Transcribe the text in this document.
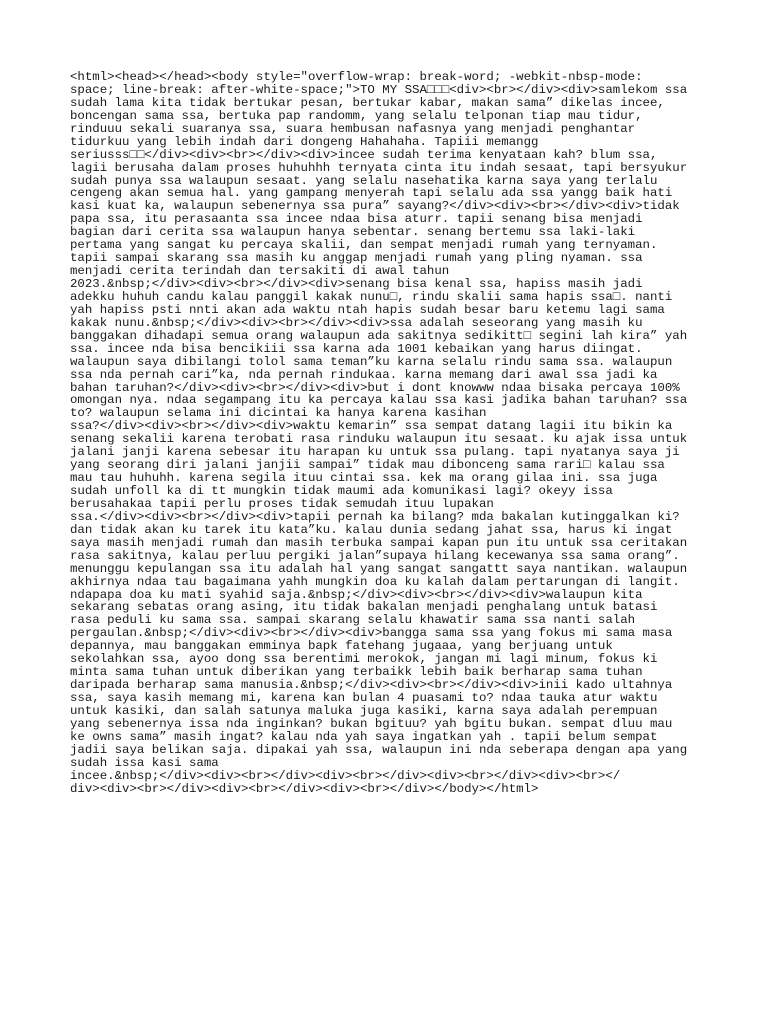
<html><head></head><body style="overflow-wrap: break-word; -webkit-nbsp-mode:
space; line-break: after-white-space;">TO MY SSA□□□<div><br></div><div>samlekom ssa
sudah lama kita tidak bertukar pesan, bertukar kabar, makan sama” dikelas incee,
boncengan sama ssa, bertuka pap randomm, yang selalu telponan tiap mau tidur,
rinduuu sekali suaranya ssa, suara hembusan nafasnya yang menjadi penghantar
tidurkuu yang lebih indah dari dongeng Hahahaha. Tapiii memangg
seriusss□□</div><div><br></div><div>incee sudah terima kenyataan kah? blum ssa,
lagii berusaha dalam proses huhuhhh ternyata cinta itu indah sesaat, tapi bersyukur
sudah punya ssa walaupun sesaat. yang selalu nasehatika karna saya yang terlalu
cengeng akan semua hal. yang gampang menyerah tapi selalu ada ssa yangg baik hati
kasi kuat ka, walaupun sebenernya ssa pura” sayang?</div><div><br></div><div>tidak
papa ssa, itu perasaanta ssa incee ndaa bisa aturr. tapii senang bisa menjadi
bagian dari cerita ssa walaupun hanya sebentar. senang bertemu ssa laki-laki
pertama yang sangat ku percaya skalii, dan sempat menjadi rumah yang ternyaman.
tapii sampai skarang ssa masih ku anggap menjadi rumah yang pling nyaman. ssa
menjadi cerita terindah dan tersakiti di awal tahun
2023.&nbsp;</div><div><br></div><div>senang bisa kenal ssa, hapiss masih jadi
adekku huhuh candu kalau panggil kakak nunu□, rindu skalii sama hapis ssa□. nanti
yah hapiss psti nnti akan ada waktu ntah hapis sudah besar baru ketemu lagi sama
kakak nunu.&nbsp;</div><div><br></div><div>ssa adalah seseorang yang masih ku
banggakan dihadapi semua orang walaupun ada sakitnya sedikitt□ segini lah kira” yah
ssa. incee nda bisa bencikiii ssa karna ada 1001 kebaikan yang harus diingat.
walaupun saya dibilangi tolol sama teman”ku karna selalu rindu sama ssa. walaupun
ssa nda pernah cari”ka, nda pernah rindukaa. karna memang dari awal ssa jadi ka
bahan taruhan?</div><div><br></div><div>but i dont knowww ndaa bisaka percaya 100%
omongan nya. ndaa segampang itu ka percaya kalau ssa kasi jadika bahan taruhan? ssa
to? walaupun selama ini dicintai ka hanya karena kasihan
ssa?</div><div><br></div><div>waktu kemarin” ssa sempat datang lagii itu bikin ka
senang sekalii karena terobati rasa rinduku walaupun itu sesaat. ku ajak issa untuk
jalani janji karena sebesar itu harapan ku untuk ssa pulang. tapi nyatanya saya ji
yang seorang diri jalani janjii sampai” tidak mau dibonceng sama rari□ kalau ssa
mau tau huhuhh. karena segila ituu cintai ssa. kek ma orang gilaa ini. ssa juga
sudah unfoll ka di tt mungkin tidak maumi ada komunikasi lagi? okeyy issa
berusahakaa tapii perlu proses tidak semudah ituu lupakan
ssa.</div><div><br></div><div>tapii pernah ka bilang? mda bakalan kutinggalkan ki?
dan tidak akan ku tarek itu kata”ku. kalau dunia sedang jahat ssa, harus ki ingat
saya masih menjadi rumah dan masih terbuka sampai kapan pun itu untuk ssa ceritakan
rasa sakitnya, kalau perluu pergiki jalan”supaya hilang kecewanya ssa sama orang”.
menunggu kepulangan ssa itu adalah hal yang sangat sangattt saya nantikan. walaupun
akhirnya ndaa tau bagaimana yahh mungkin doa ku kalah dalam pertarungan di langit.
ndapapa doa ku mati syahid saja.&nbsp;</div><div><br></div><div>walaupun kita
sekarang sebatas orang asing, itu tidak bakalan menjadi penghalang untuk batasi
rasa peduli ku sama ssa. sampai skarang selalu khawatir sama ssa nanti salah
pergaulan.&nbsp;</div><div><br></div><div>bangga sama ssa yang fokus mi sama masa
depannya, mau banggakan emminya bapk fatehang jugaaa, yang berjuang untuk
sekolahkan ssa, ayoo dong ssa berentimi merokok, jangan mi lagi minum, fokus ki
minta sama tuhan untuk diberikan yang terbaikk lebih baik berharap sama tuhan
daripada berharap sama manusia.&nbsp;</div><div><br></div><div>inii kado ultahnya
ssa, saya kasih memang mi, karena kan bulan 4 puasami to? ndaa tauka atur waktu
untuk kasiki, dan salah satunya maluka juga kasiki, karna saya adalah perempuan
yang sebenernya issa nda inginkan? bukan bgituu? yah bgitu bukan. sempat dluu mau
ke owns sama” masih ingat? kalau nda yah saya ingatkan yah . tapii belum sempat
jadii saya belikan saja. dipakai yah ssa, walaupun ini nda seberapa dengan apa yang
sudah issa kasi sama
incee.&nbsp;</div><div><br></div><div><br></div><div><br></div><div><br></
div><div><br></div><div><br></div><div><br></div></body></html>
